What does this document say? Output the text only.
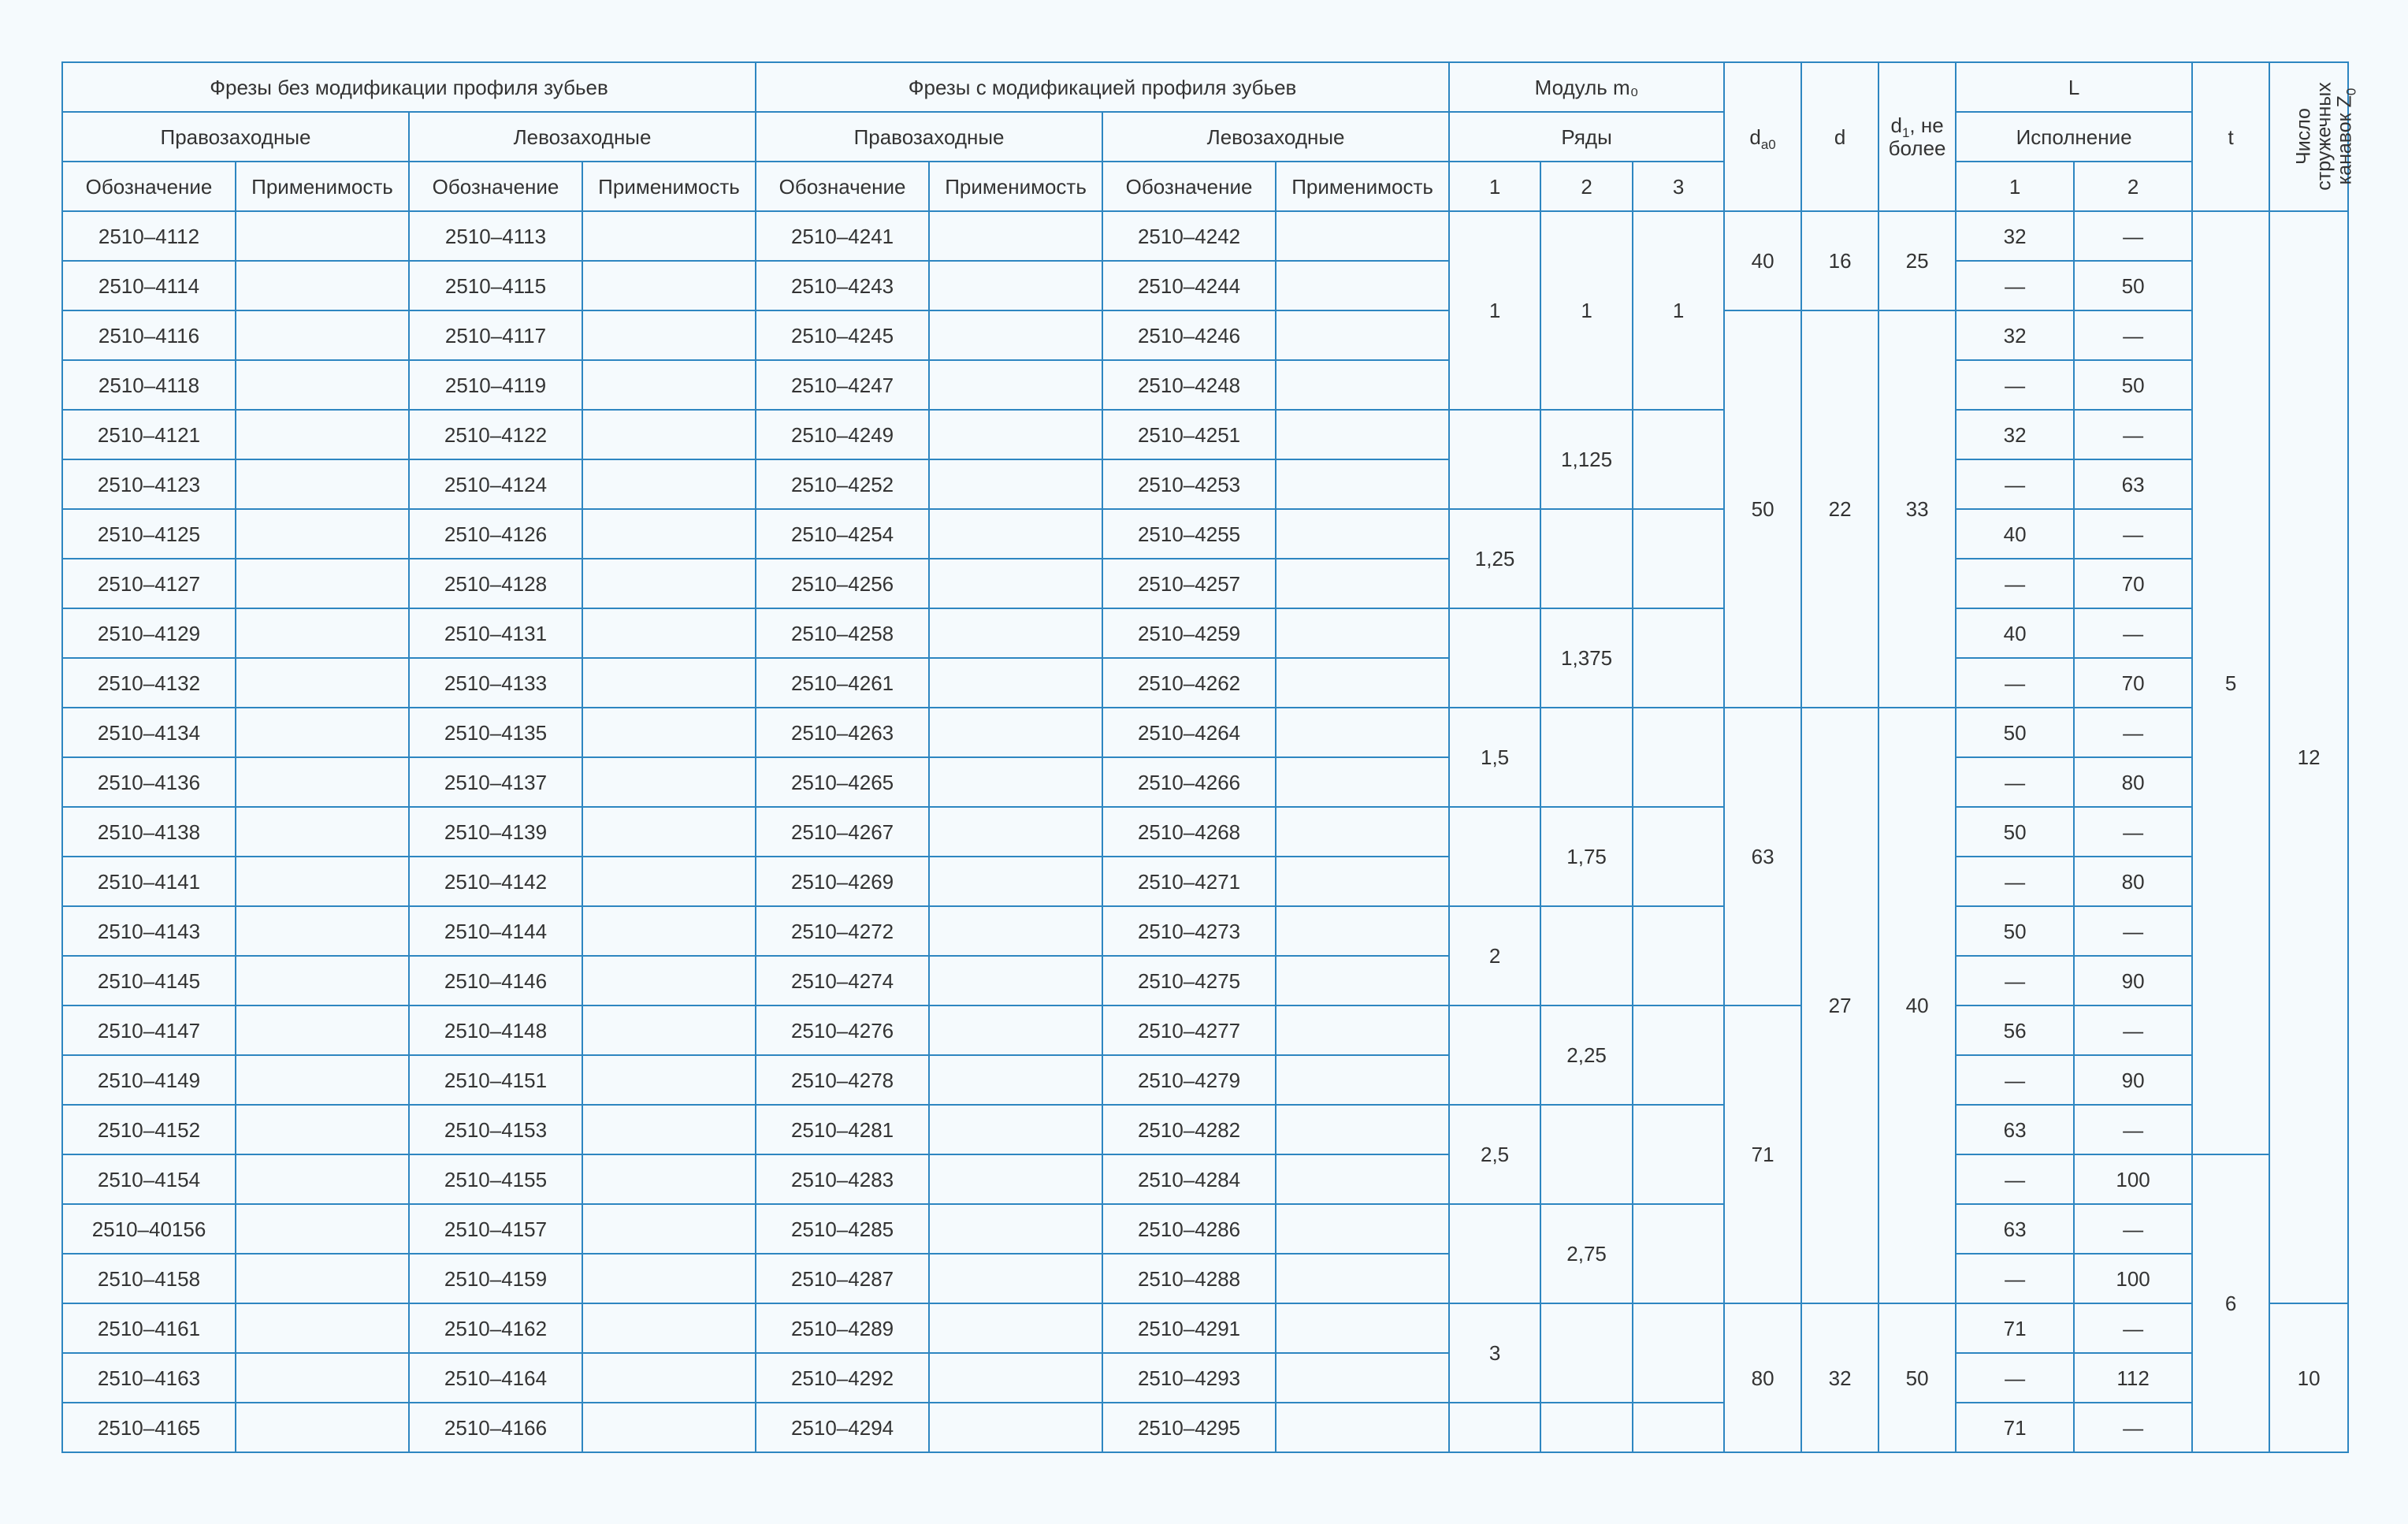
Фрезы без модификации профиля зубьев				Фрезы с модификацией профиля зубьев				Модуль m₀			$d_{a0}$	d	$d_1$, не более	L		t	Число
стружечных
канавок $Z_0$
Правозаходные		Левозаходные		Правозаходные		Левозаходные		Ряды						Исполнение			
Обозначение	Применимость	Обозначение	Применимость	Обозначение	Применимость	Обозначение	Применимость	1	2	3				1	2		
2510–4112		2510–4113		2510–4241		2510–4242		1	1	1	40	16	25	32	—	5	12
2510–4114		2510–4115		2510–4243		2510–4244								—	50		
2510–4116		2510–4117		2510–4245		2510–4246					50	22	33	32	—		
2510–4118		2510–4119		2510–4247		2510–4248								—	50		
2510–4121		2510–4122		2510–4249		2510–4251			1,125					32	—		
2510–4123		2510–4124		2510–4252		2510–4253								—	63		
2510–4125		2510–4126		2510–4254		2510–4255		1,25						40	—		
2510–4127		2510–4128		2510–4256		2510–4257								—	70		
2510–4129		2510–4131		2510–4258		2510–4259			1,375					40	—		
2510–4132		2510–4133		2510–4261		2510–4262								—	70		
2510–4134		2510–4135		2510–4263		2510–4264		1,5			63	27	40	50	—		
2510–4136		2510–4137		2510–4265		2510–4266								—	80		
2510–4138		2510–4139		2510–4267		2510–4268			1,75					50	—		
2510–4141		2510–4142		2510–4269		2510–4271								—	80		
2510–4143		2510–4144		2510–4272		2510–4273		2						50	—		
2510–4145		2510–4146		2510–4274		2510–4275								—	90		
2510–4147		2510–4148		2510–4276		2510–4277			2,25		71			56	—		
2510–4149		2510–4151		2510–4278		2510–4279								—	90		
2510–4152		2510–4153		2510–4281		2510–4282		2,5						63	—		
2510–4154		2510–4155		2510–4283		2510–4284								—	100	6	
2510–40156		2510–4157		2510–4285		2510–4286			2,75					63	—		
2510–4158		2510–4159		2510–4287		2510–4288								—	100		
2510–4161		2510–4162		2510–4289		2510–4291		3			80	32	50	71	—		10
2510–4163		2510–4164		2510–4292		2510–4293								—	112		
2510–4165		2510–4166		2510–4294		2510–4295								71	—		
